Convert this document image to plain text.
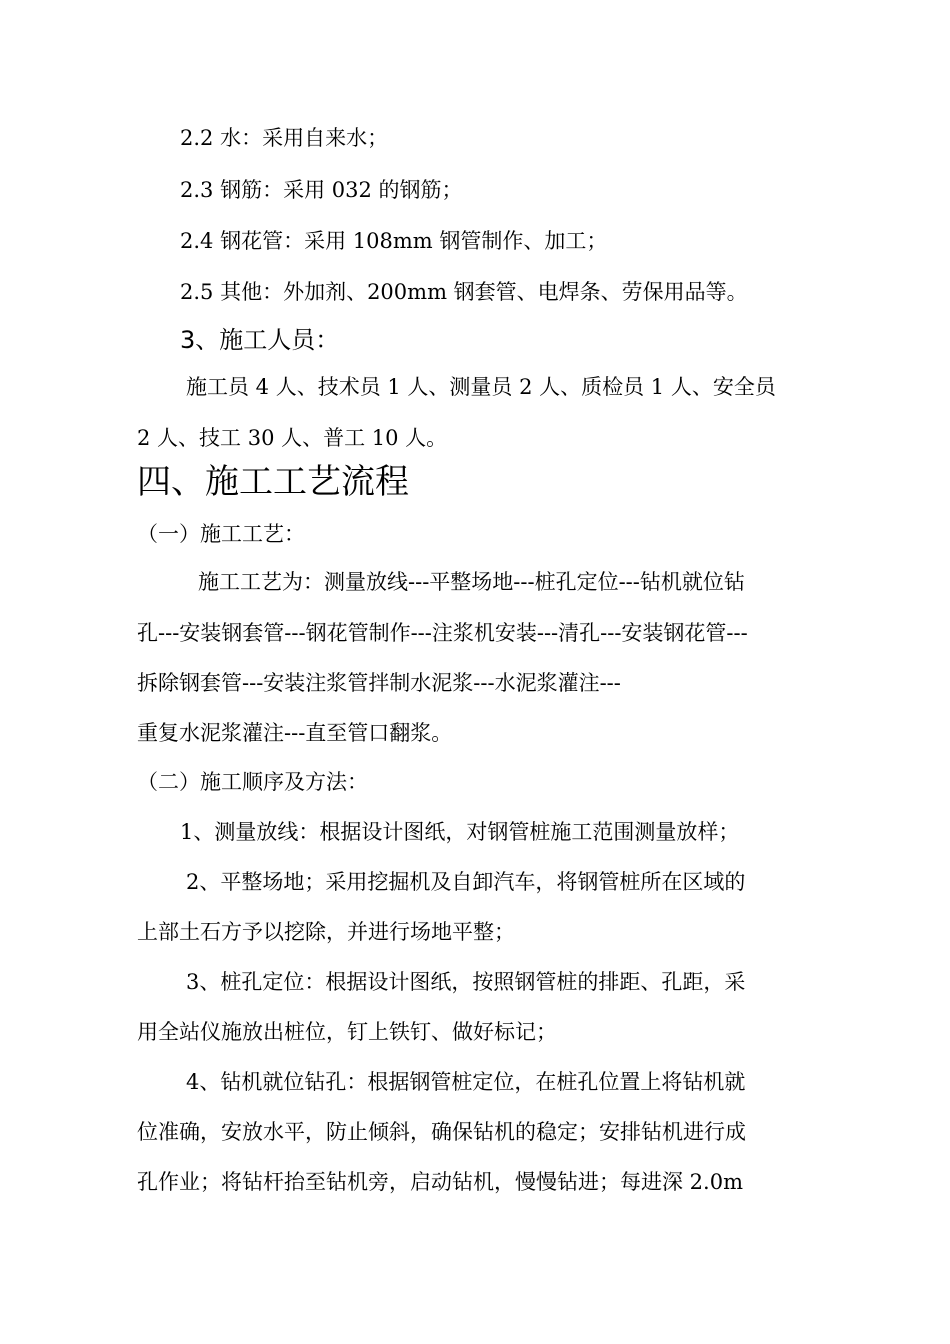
2.2 水：采用自来水；
2.3 钢筋：采用 032 的钢筋；
2.4 钢花管：采用 108mm 钢管制作、加工；
2.5 其他：外加剂、200mm 钢套管、电焊条、劳保用品等。
3、施工人员：
施工员 4 人、技术员 1 人、测量员 2 人、质检员 1 人、安全员
2 人、技工 30 人、普工 10 人。
四、施工工艺流程
（一）施工工艺：
施工工艺为：测量放线---平整场地---桩孔定位---钻机就位钻
孔---安装钢套管---钢花管制作---注浆机安装---清孔---安装钢花管---
拆除钢套管---安装注浆管拌制水泥浆---水泥浆灌注---
重复水泥浆灌注---直至管口翻浆。
（二）施工顺序及方法：
1、测量放线：根据设计图纸，对钢管桩施工范围测量放样；
2、平整场地；采用挖掘机及自卸汽车，将钢管桩所在区域的
上部土石方予以挖除，并进行场地平整；
3、桩孔定位：根据设计图纸，按照钢管桩的排距、孔距，采
用全站仪施放出桩位，钉上铁钉、做好标记；
4、钻机就位钻孔：根据钢管桩定位，在桩孔位置上将钻机就
位准确，安放水平，防止倾斜，确保钻机的稳定；安排钻机进行成
孔作业；将钻杆抬至钻机旁，启动钻机，慢慢钻进；每进深 2.0m
